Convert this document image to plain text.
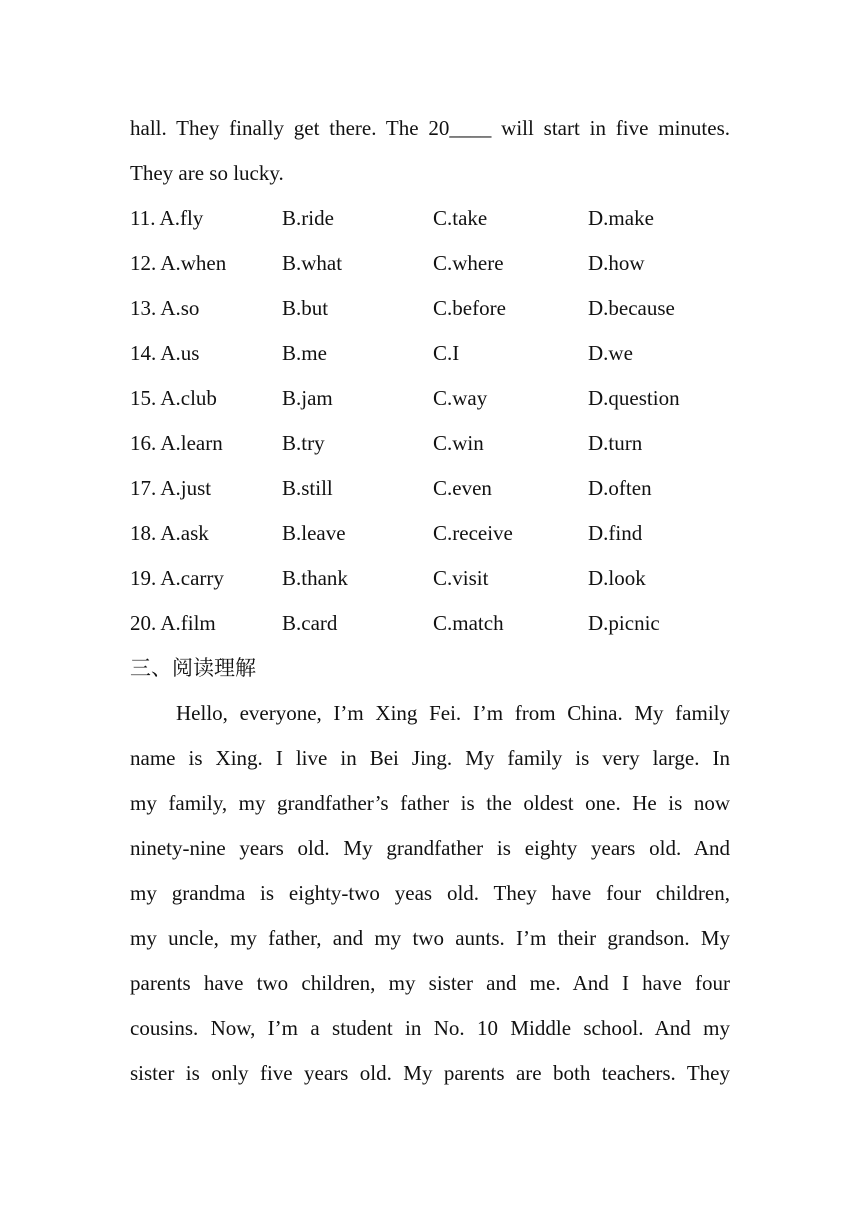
hall. They finally get there. The 20____ will start in five minutes.
They are so lucky.
11. A.fly	B.ride	C.take	D.make
12. A.when	B.what	C.where	D.how
13. A.so	B.but	C.before	D.because
14. A.us	B.me	C.I	D.we
15. A.club	B.jam	C.way	D.question
16. A.learn	B.try	C.win	D.turn
17. A.just	B.still	C.even	D.often
18. A.ask	B.leave	C.receive	D.find
19. A.carry	B.thank	C.visit	D.look
20. A.film	B.card	C.match	D.picnic
三、阅读理解
Hello, everyone, I’m Xing Fei. I’m from China. My family
name is Xing. I live in Bei Jing. My family is very large. In
my family, my grandfather’s father is the oldest one. He is now
ninety-nine years old. My grandfather is eighty years old. And
my grandma is eighty-two yeas old. They have four children,
my uncle, my father, and my two aunts. I’m their grandson. My
parents have two children, my sister and me. And I have four
cousins. Now, I’m a student in No. 10 Middle school. And my
sister is only five years old. My parents are both teachers. They
